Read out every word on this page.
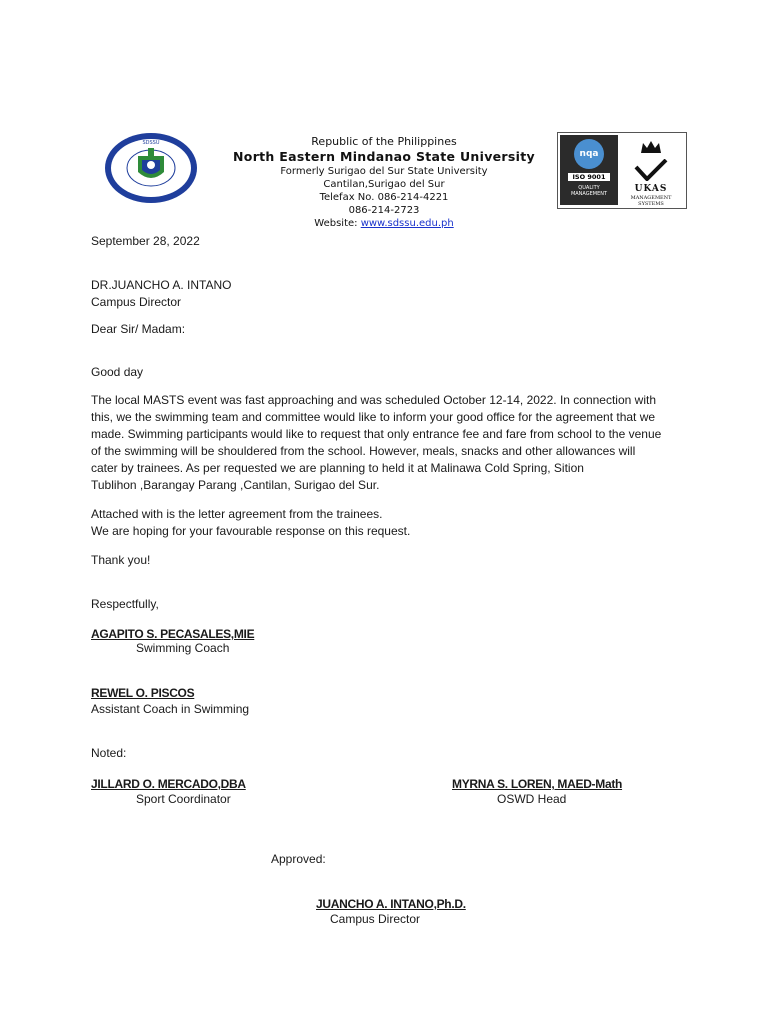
SDSSU	Republic of the Philippines
North Eastern Mindanao State University
Formerly Surigao del Sur State University
Cantilan,Surigao del Sur
Telefax No. 086-214-4221
086-214-2723
Website: www.sdssu.edu.ph
nqa
ISO 9001
QUALITY MANAGEMENT
	UKAS
MANAGEMENT SYSTEMS
September 28, 2022

DR.JUANCHO A. INTANO

Campus Director

Dear Sir/ Madam:
Good day

The local MASTS event was fast approaching and was scheduled October 12-14, 2022. In connection with

this, we the swimming team and committee would like to inform your good office for the agreement that we

made. Swimming participants would like to request that only entrance fee and fare from school to the venue

of the swimming will be shouldered from the school. However, meals, snacks and other allowances will

cater by trainees. As per requested we are planning to held it at Malinawa Cold Spring, Sition

Tublihon ,Barangay Parang ,Cantilan, Surigao del Sur.

Attached with is the letter agreement from the trainees.

We are hoping for your favourable response on this request.

Thank you!
Respectfully,
AGAPITO S. PECASALES,MIE
Swimming Coach
REWEL O. PISCOS
Assistant Coach in Swimming
Noted:
JILLARD O. MERCADO,DBA
Sport Coordinator
MYRNA S. LOREN, MAED-Math
OSWD Head
Approved:
JUANCHO A. INTANO,Ph.D.
Campus Director
